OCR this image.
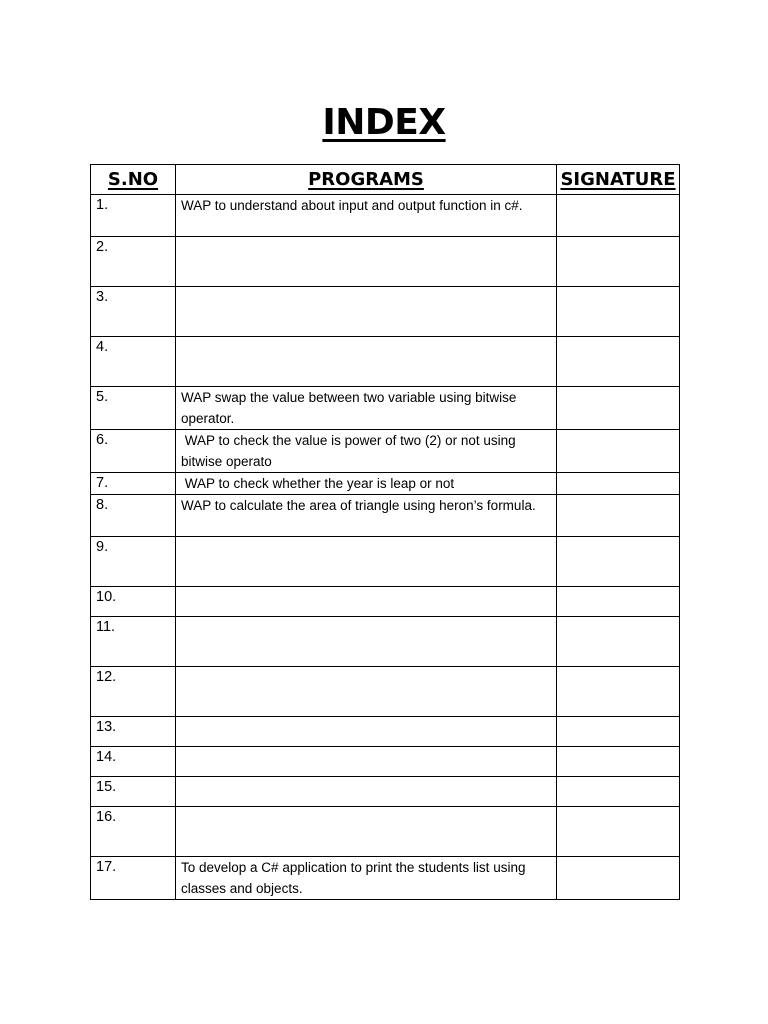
INDEX
S.NO	PROGRAMS	SIGNATURE
1.	WAP to understand about input and output function in c#.	
2.		
3.		
4.		
5.	WAP swap the value between two variable using bitwise operator.	
6.	WAP to check the value is power of two (2) or not using bitwise operato	
7.	WAP to check whether the year is leap or not	
8.	WAP to calculate the area of triangle using heron’s formula.	
9.		
10.		
11.		
12.		
13.		
14.		
15.		
16.		
17.	To develop a C# application to print the students list using classes and objects.	
